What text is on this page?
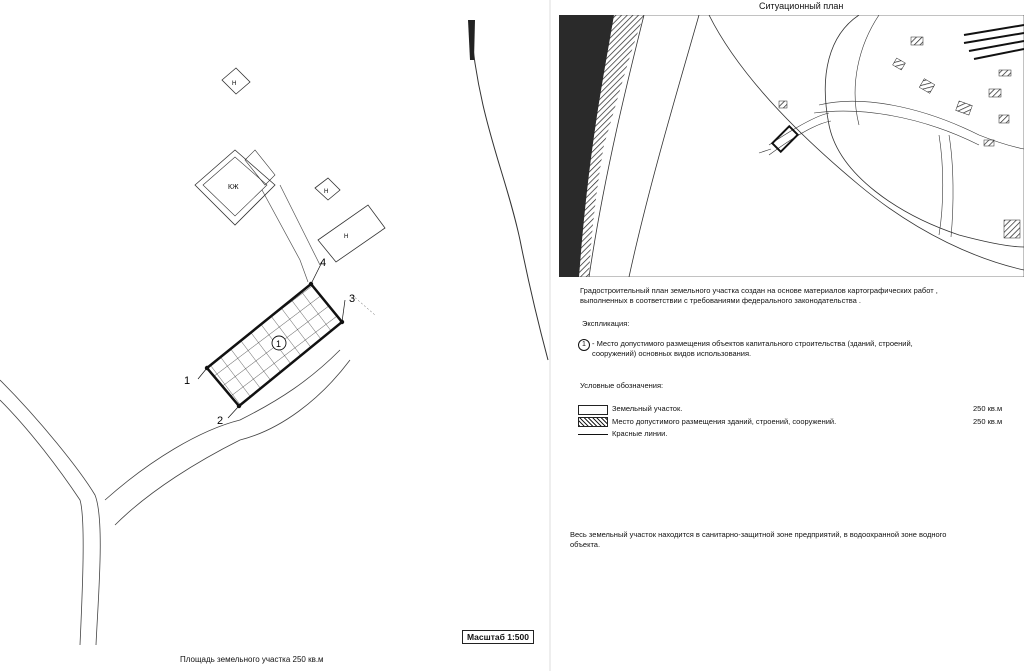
Н
КЖ
Н
Н
1
1
2
3
4
Масштаб 1:500
Площадь земельного участка 250 кв.м
Ситуационный план
Градостроительный план земельного участка создан на основе материалов картографических работ ,
выполненных в соответствии с требованиями федерального законодательства .
Экспликация:
1 - Место допустимого размещения объектов капитального строительства (зданий, строений,
сооружений) основных видов использования.
Условные обозначения:
Земельный участок.	250 кв.м
Место допустимого размещения зданий, строений, сооружений.	250 кв.м
Красные линии.
Весь земельный участок находится в санитарно-защитной зоне предприятий, в водоохранной зоне водного
объекта.
